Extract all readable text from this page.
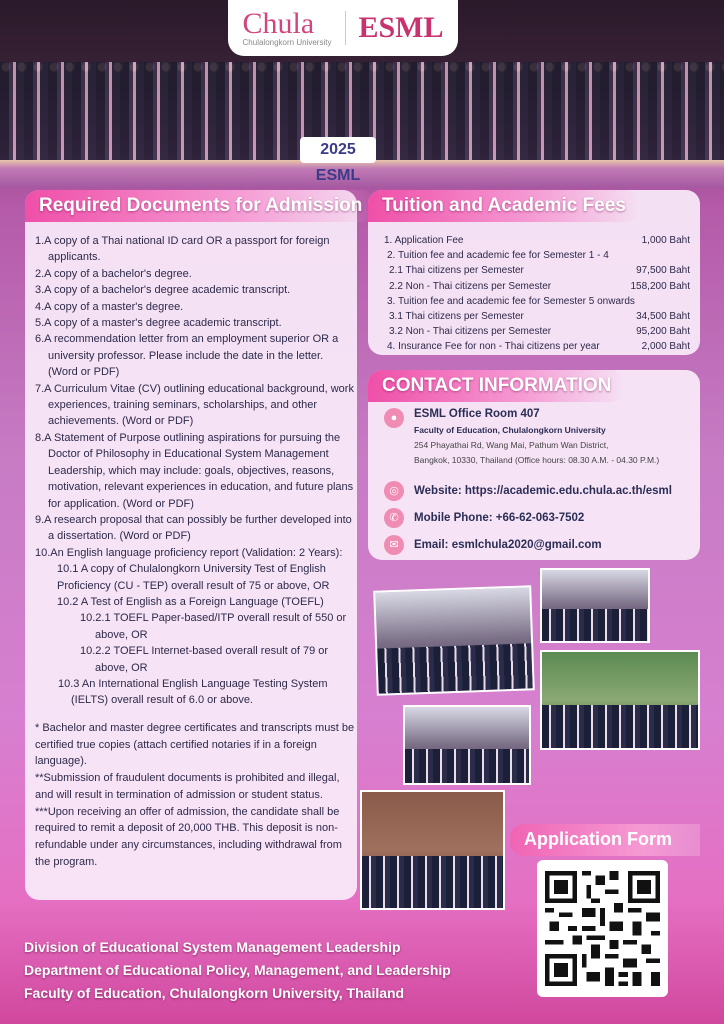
Chula
Chulalongkorn University ESML
2025 ESML
Required Documents for Admission
1.A copy of a Thai national ID card OR a passport for foreign applicants.
2.A copy of a bachelor's degree.
3.A copy of a bachelor's degree academic transcript.
4.A copy of a master's degree.
5.A copy of a master's degree academic transcript.
6.A recommendation letter from an employment superior OR a university professor. Please include the date in the letter. (Word or PDF)
7.A Curriculum Vitae (CV) outlining educational background, work experiences, training seminars, scholarships, and other achievements. (Word or PDF)
8.A Statement of Purpose outlining aspirations for pursuing the Doctor of Philosophy in Educational System Management Leadership, which may include: goals, objectives, reasons, motivation, relevant experiences in education, and future plans for application. (Word or PDF)
9.A research proposal that can possibly be further developed into a dissertation. (Word or PDF)
10.An English language proficiency report (Validation: 2 Years):
10.1 A copy of Chulalongkorn University Test of English Proficiency (CU - TEP) overall result of 75 or above, OR
10.2 A Test of English as a Foreign Language (TOEFL)
10.2.1 TOEFL Paper-based/ITP overall result of 550 or above, OR
10.2.2 TOEFL Internet-based overall result of 79 or above, OR
10.3 An International English Language Testing System (IELTS) overall result of 6.0 or above.

* Bachelor and master degree certificates and transcripts must be certified true copies (attach certified notaries if in a foreign language).

**Submission of fraudulent documents is prohibited and illegal, and will result in termination of admission or student status.

***Upon receiving an offer of admission, the candidate shall be required to remit a deposit of 20,000 THB. This deposit is non-refundable under any circumstances, including withdrawal from the program.

Tuition and Academic Fees
1. Application Fee	1,000 Baht
2. Tuition fee and academic fee for Semester 1 - 4
2.1 Thai citizens per Semester	97,500 Baht
2.2 Non - Thai citizens per Semester	158,200 Baht
3. Tuition fee and academic fee for Semester 5 onwards
3.1 Thai citizens per Semester	34,500 Baht
3.2 Non - Thai citizens per Semester	95,200 Baht
4. Insurance Fee for non - Thai citizens per year	2,000 Baht
CONTACT INFORMATION
●	ESML Office Room 407
Faculty of Education, Chulalongkorn University
254 Phayathai Rd, Wang Mai, Pathum Wan District,
Bangkok, 10330, Thailand (Office hours: 08.30 A.M. - 04.30 P.M.)
◎	Website: https://academic.edu.chula.ac.th/esml
✆	Mobile Phone: +66-62-063-7502
✉	Email: esmlchula2020@gmail.com
Application Form
Division of Educational System Management Leadership
Department of Educational Policy, Management, and Leadership
Faculty of Education, Chulalongkorn University, Thailand
